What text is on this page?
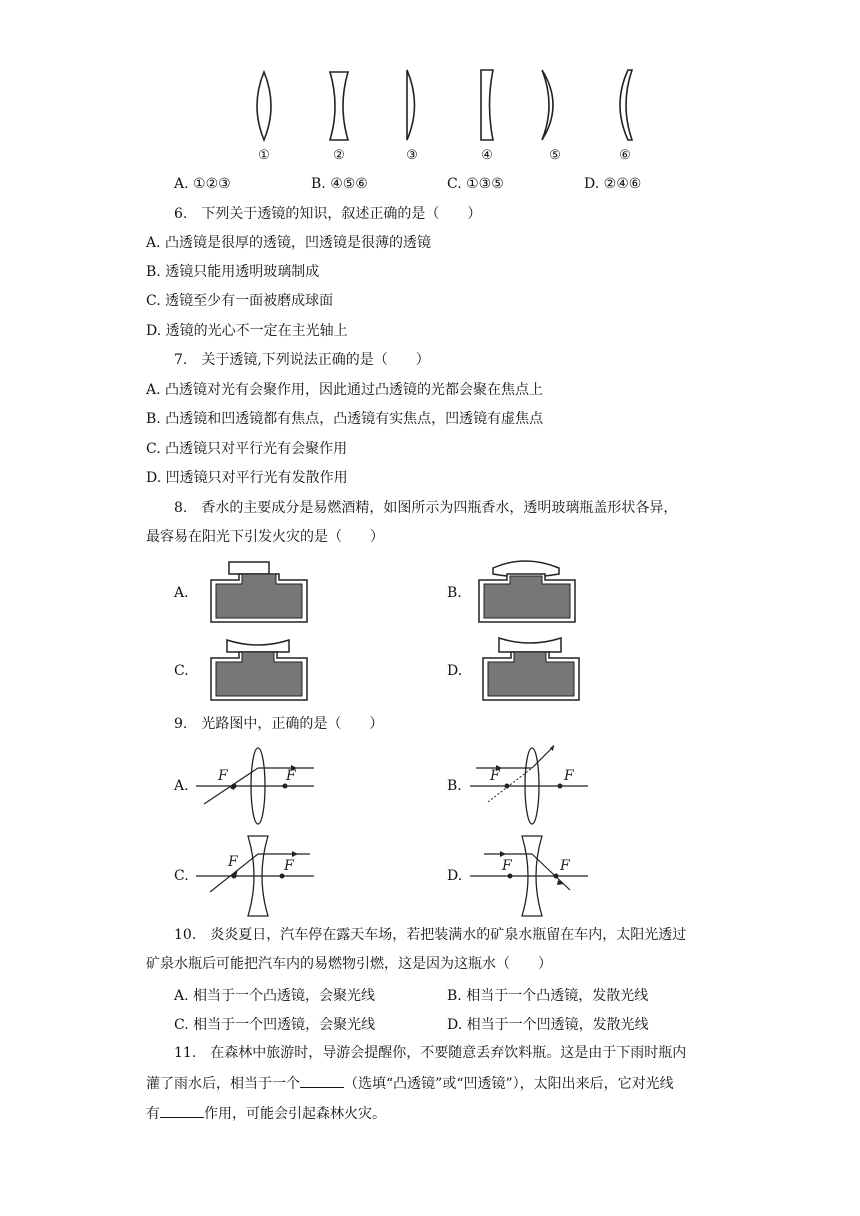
①	②	③	④	⑤	⑥
A. ①②③	B. ④⑤⑥	C. ①③⑤	D. ②④⑥
6.　下列关于透镜的知识，叙述正确的是（　　）
A. 凸透镜是很厚的透镜，凹透镜是很薄的透镜
B. 透镜只能用透明玻璃制成
C. 透镜至少有一面被磨成球面
D. 透镜的光心不一定在主光轴上
7.　关于透镜,下列说法正确的是（　　）
A. 凸透镜对光有会聚作用，因此通过凸透镜的光都会聚在焦点上
B. 凸透镜和凹透镜都有焦点，凸透镜有实焦点，凹透镜有虚焦点
C. 凸透镜只对平行光有会聚作用
D. 凹透镜只对平行光有发散作用
8.　香水的主要成分是易燃酒精，如图所示为四瓶香水，透明玻璃瓶盖形状各异，
最容易在阳光下引发火灾的是（　　）
A.	B.
C.	D.
9.　光路图中，正确的是（　　）
A.	B.
C.	D.
F	F	F	F
F	F	F	F
10.　炎炎夏日，汽车停在露天车场，若把装满水的矿泉水瓶留在车内，太阳光透过
矿泉水瓶后可能把汽车内的易燃物引燃，这是因为这瓶水（　　）
A. 相当于一个凸透镜，会聚光线	B. 相当于一个凸透镜，发散光线
C. 相当于一个凹透镜，会聚光线	D. 相当于一个凹透镜，发散光线
11.　在森林中旅游时，导游会提醒你，不要随意丢弃饮料瓶。这是由于下雨时瓶内
灌了雨水后，相当于一个	（选填“凸透镜”或“凹透镜”），太阳出来后，它对光线
有	作用，可能会引起森林火灾。
